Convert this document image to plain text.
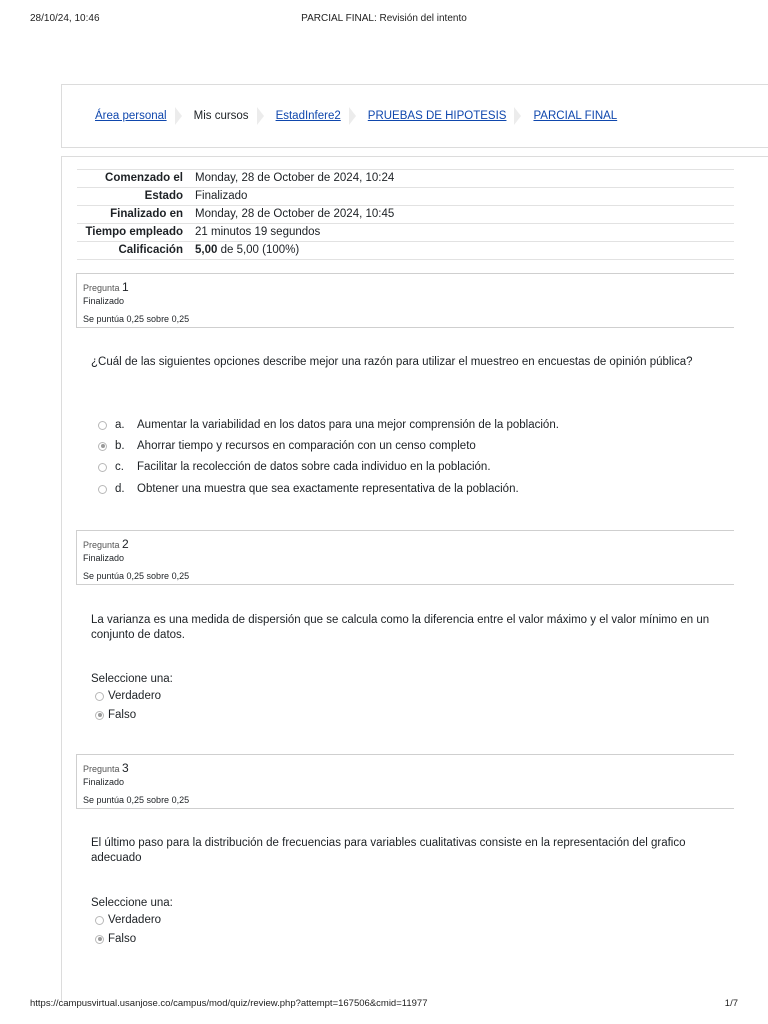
28/10/24, 10:46	PARCIAL FINAL: Revisión del intento
Área personal Mis cursos EstadInfere2 PRUEBAS DE HIPOTESIS PARCIAL FINAL
Comenzado el	Monday, 28 de October de 2024, 10:24
Estado	Finalizado
Finalizado en	Monday, 28 de October de 2024, 10:45
Tiempo empleado	21 minutos 19 segundos
Calificación	5,00 de 5,00 (100%)
Pregunta 1
Finalizado
Se puntúa 0,25 sobre 0,25
¿Cuál de las siguientes opciones describe mejor una razón para utilizar el muestreo en encuestas de opinión pública?
a.	Aumentar la variabilidad en los datos para una mejor comprensión de la población.
b.	Ahorrar tiempo y recursos en comparación con un censo completo
c.	Facilitar la recolección de datos sobre cada individuo en la población.
d.	Obtener una muestra que sea exactamente representativa de la población.
Pregunta 2
Finalizado
Se puntúa 0,25 sobre 0,25
La varianza es una medida de dispersión que se calcula como la diferencia entre el valor máximo y el valor mínimo en un conjunto de datos.
Seleccione una:
Verdadero
Falso
Pregunta 3
Finalizado
Se puntúa 0,25 sobre 0,25
El último paso para la distribución de frecuencias para variables cualitativas consiste en la representación del grafico adecuado
Seleccione una:
Verdadero
Falso
https://campusvirtual.usanjose.co/campus/mod/quiz/review.php?attempt=167506&cmid=11977	1/7
